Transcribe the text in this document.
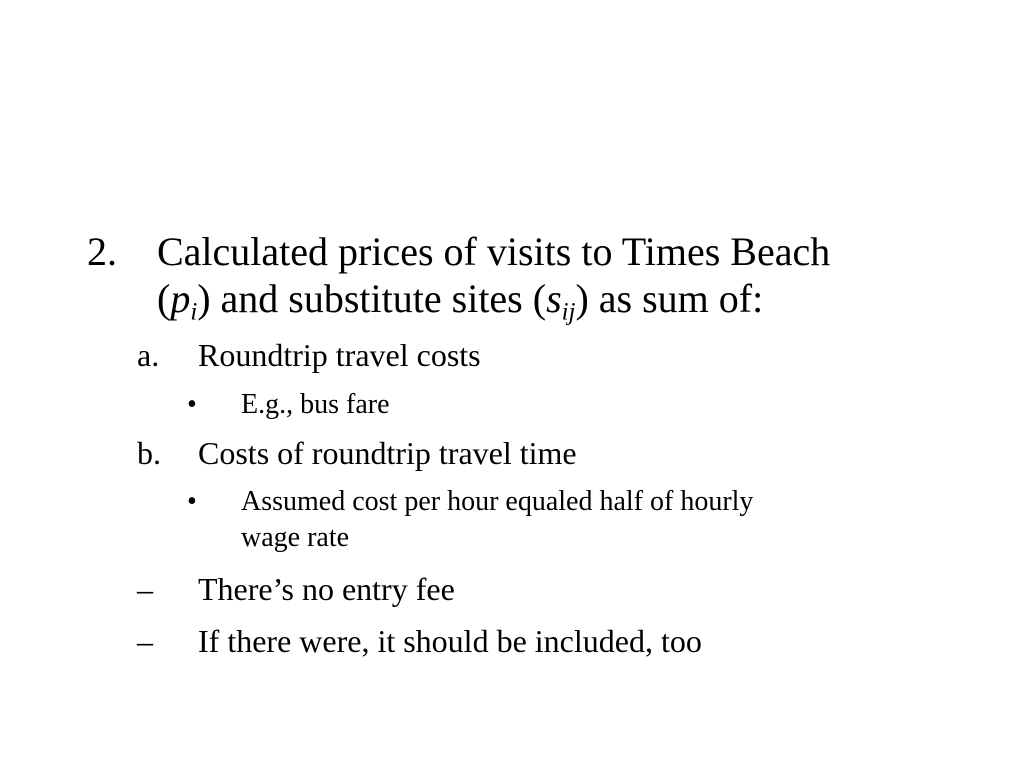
2. Calculated prices of visits to Times Beach
$(p_i)$ and substitute sites $(s_{ij})$ as sum of:
a. Roundtrip travel costs
• E.g., bus fare
b. Costs of roundtrip travel time
• Assumed cost per hour equaled half of hourly
wage rate
– There’s no entry fee
– If there were, it should be included, too
